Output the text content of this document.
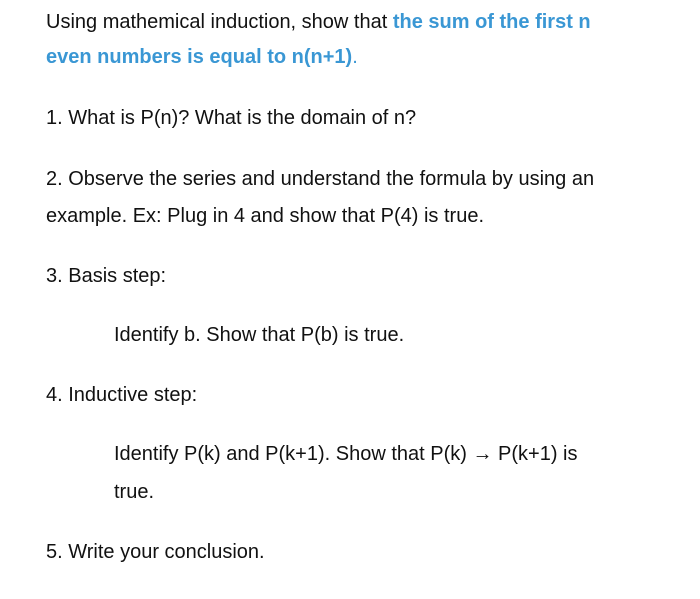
Using mathemical induction, show that the sum of the first n
even numbers is equal to n(n+1).
1. What is P(n)? What is the domain of n?
2. Observe the series and understand the formula by using an
example. Ex: Plug in 4 and show that P(4) is true.
3. Basis step:
Identify b. Show that P(b) is true.
4. Inductive step:
Identify P(k) and P(k+1). Show that P(k) → P(k+1) is
true.
5. Write your conclusion.
